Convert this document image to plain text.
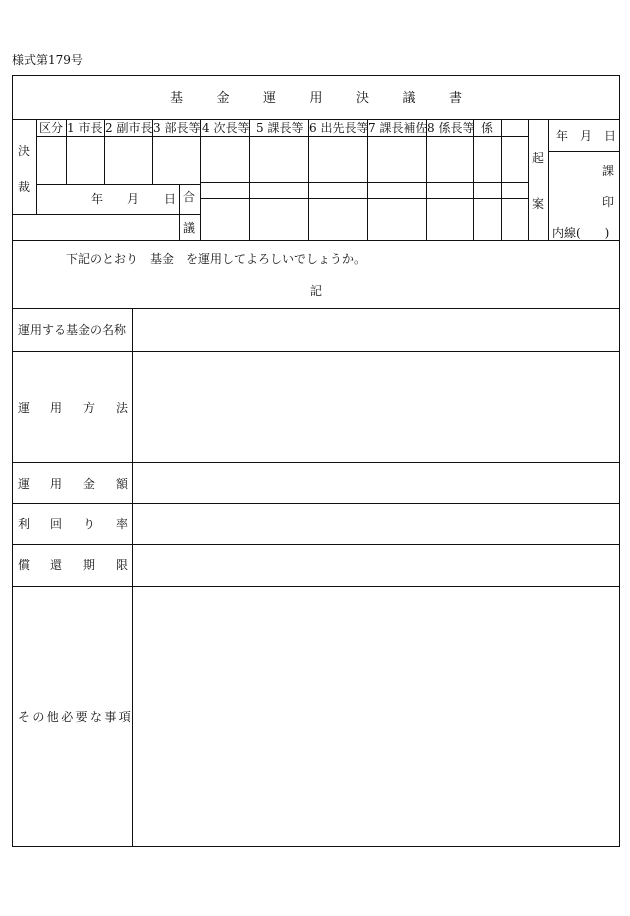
様式第179号
基	金	運	用	決	議	書
区分 1 市長 2 副市長 3 部長等 4 次長等 5 課長等 6 出先長等 7 課長補佐 8 係長等 係
決
裁
年 月 日 合
議
起
案
年 月 日
課
印
内線(　　)
下記のとおり　基金　を運用してよろしいでしょうか。
記
運用する基金の名称
運 用 方 法
運 用 金 額
利 回 り 率
償 還 期 限
その他必要な事項
